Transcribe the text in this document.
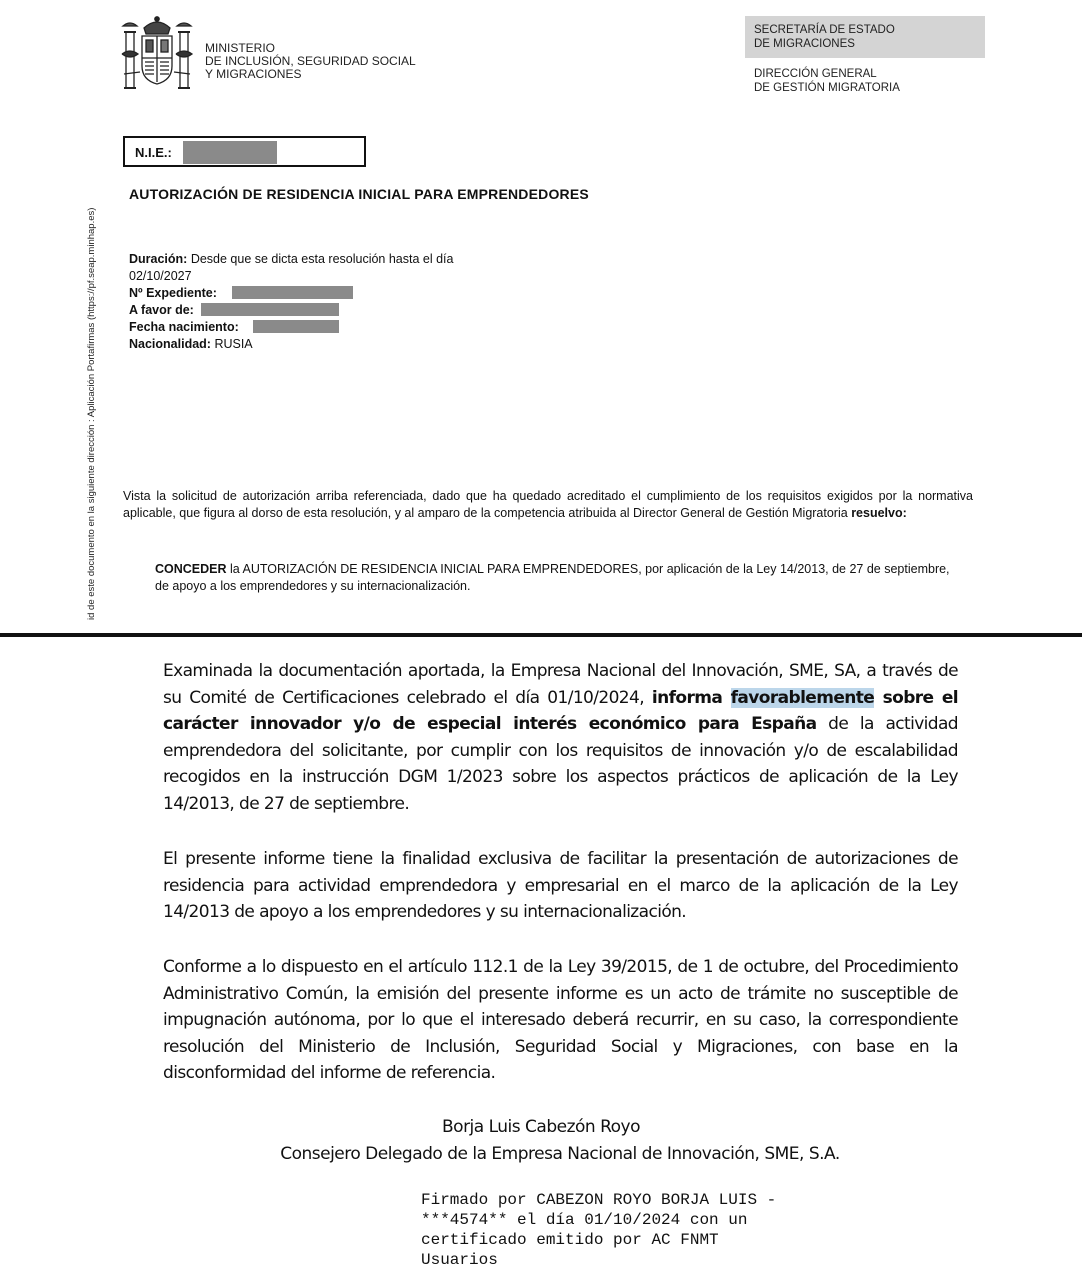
MINISTERIO
DE INCLUSIÓN, SEGURIDAD SOCIAL
Y MIGRACIONES
SECRETARÍA DE ESTADO
DE MIGRACIONES
DIRECCIÓN GENERAL
DE GESTIÓN MIGRATORIA
id de este documento en la siguiente dirección : Aplicación Portafirmas (https://pf.seap.minhap.es)
N.I.E.:
AUTORIZACIÓN DE RESIDENCIA INICIAL PARA EMPRENDEDORES
Duración: Desde que se dicta esta resolución hasta el día
02/10/2027
Nº Expediente:
A favor de:
Fecha nacimiento:
Nacionalidad: RUSIA
Vista la solicitud de autorización arriba referenciada, dado que ha quedado acreditado el cumplimiento de los requisitos exigidos por la normativa aplicable, que figura al dorso de esta resolución, y al amparo de la competencia atribuida al Director General de Gestión Migratoria resuelvo:
CONCEDER la AUTORIZACIÓN DE RESIDENCIA INICIAL PARA EMPRENDEDORES, por aplicación de la Ley 14/2013, de 27 de septiembre, de apoyo a los emprendedores y su internacionalización.
Examinada la documentación aportada, la Empresa Nacional del Innovación, SME, SA, a través de su Comité de Certificaciones celebrado el día 01/10/2024, informa favorablemente sobre el carácter innovador y/o de especial interés económico para España de la actividad emprendedora del solicitante, por cumplir con los requisitos de innovación y/o de escalabilidad recogidos en la instrucción DGM 1/2023 sobre los aspectos prácticos de aplicación de la Ley 14/2013, de 27 de septiembre.
El presente informe tiene la finalidad exclusiva de facilitar la presentación de autorizaciones de residencia para actividad emprendedora y empresarial en el marco de la aplicación de la Ley 14/2013 de apoyo a los emprendedores y su internacionalización.
Conforme a lo dispuesto en el artículo 112.1 de la Ley 39/2015, de 1 de octubre, del Procedimiento Administrativo Común, la emisión del presente informe es un acto de trámite no susceptible de impugnación autónoma, por lo que el interesado deberá recurrir, en su caso, la correspondiente resolución del Ministerio de Inclusión, Seguridad Social y Migraciones, con base en la disconformidad del informe de referencia.
Borja Luis Cabezón Royo
Consejero Delegado de la Empresa Nacional de Innovación, SME, S.A.
Firmado por CABEZON ROYO BORJA LUIS -
***4574** el día 01/10/2024 con un
certificado emitido por AC FNMT
Usuarios
